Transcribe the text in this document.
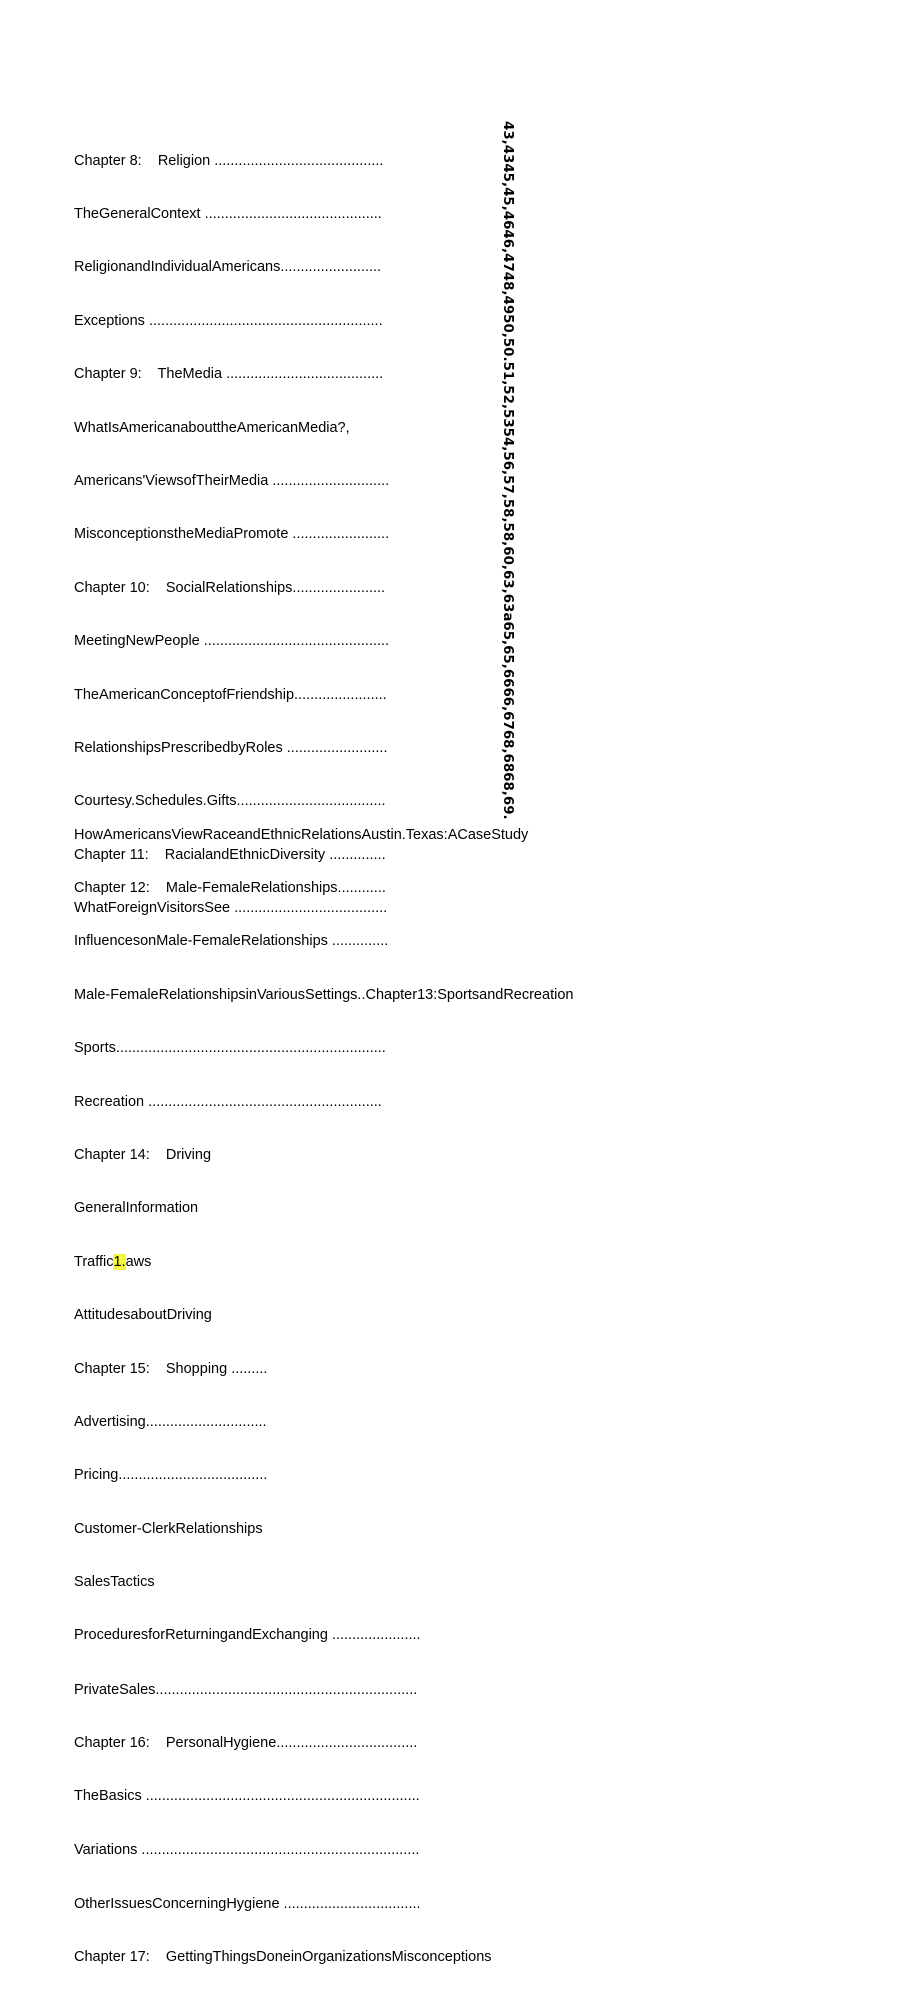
Chapter 8:    Religion ..........................................

TheGeneralContext ............................................

ReligionandIndividualAmericans.........................

Exceptions ..........................................................

Chapter 9:    TheMedia .......................................

WhatIsAmericanabouttheAmericanMedia?,

Americans'ViewsofTheirMedia .............................

MisconceptionstheMediaPromote ........................

Chapter 10:    SocialRelationships.......................

MeetingNewPeople ..............................................

TheAmericanConceptofFriendship.......................

RelationshipsPrescribedbyRoles .........................

Courtesy.Schedules.Gifts.....................................

Chapter 11:    RacialandEthnicDiversity ..............

WhatForeignVisitorsSee ......................................

43,4345,45,4646,4748,4950,50.51,52,5354,56,57,58,58,60,63,63a65,65,6666,6768,6868,69.

HowAmericansViewRaceandEthnicRelationsAustin.Texas:ACaseStudy

Chapter 12:    Male-FemaleRelationships............

InfluencesonMale-FemaleRelationships ..............

Male-FemaleRelationshipsinVariousSettings..Chapter13:SportsandRecreation

Sports...................................................................

Recreation ..........................................................

Chapter 14:    Driving

GeneralInformation

Traffic1.aws

AttitudesaboutDriving

Chapter 15:    Shopping .........

Advertising..............................

Pricing.....................................

Customer-ClerkRelationships

SalesTactics

ProceduresforReturningandExchanging ......................

PrivateSales.................................................................

Chapter 16:    PersonalHygiene...................................

TheBasics ....................................................................

Variations .....................................................................

OtherIssuesConcerningHygiene ..................................

Chapter 17:    GettingThingsDoneinOrganizationsMisconceptions
